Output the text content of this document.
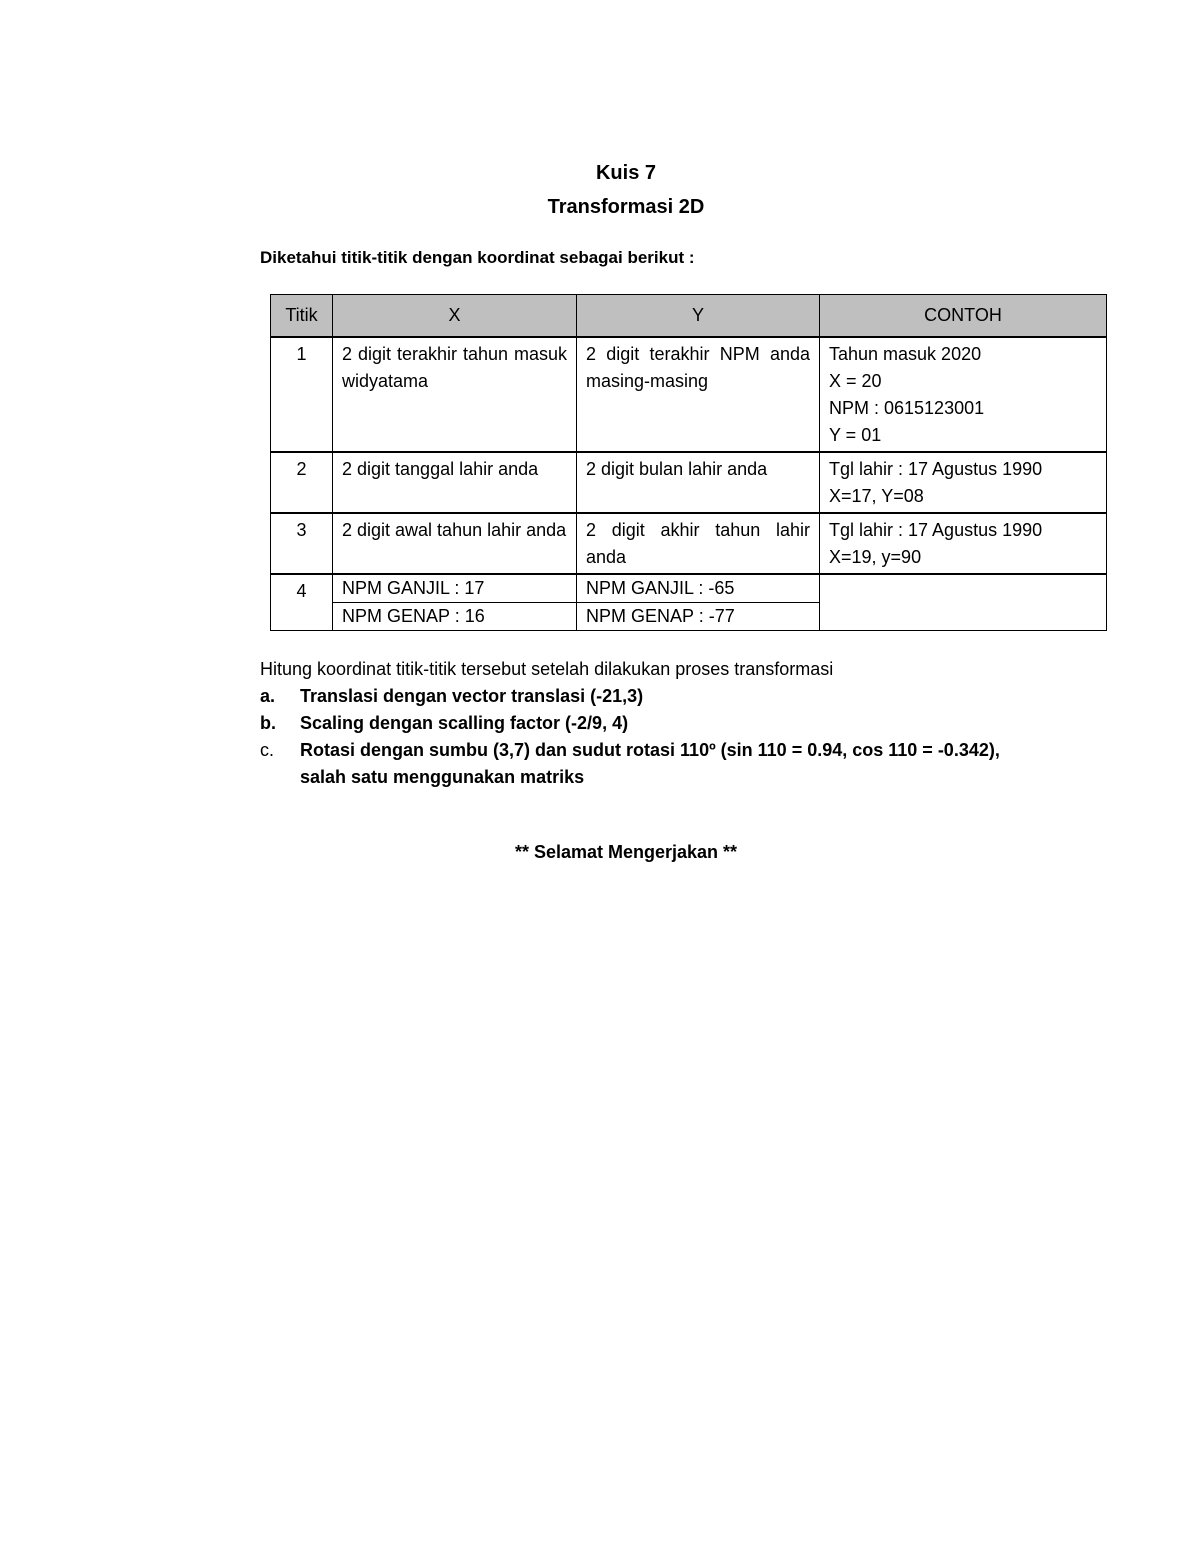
Kuis 7
Transformasi 2D
Diketahui titik-titik dengan koordinat sebagai berikut :
Titik	X	Y	CONTOH
1	2 digit terakhir tahun masuk widyatama	2 digit terakhir NPM anda masing-masing	Tahun masuk 2020
X = 20
NPM : 0615123001
Y = 01

2	2 digit tanggal lahir anda	2 digit bulan lahir anda	Tgl lahir : 17 Agustus 1990
X=17, Y=08

3	2 digit awal tahun lahir anda	2 digit akhir tahun lahir anda	Tgl lahir : 17 Agustus 1990
X=19, y=90

4	NPM GANJIL : 17	NPM GANJIL : -65	
	NPM GENAP : 16	NPM GENAP : -77	
Hitung koordinat titik-titik tersebut setelah dilakukan proses transformasi
a.	Translasi dengan vector translasi (-21,3)
b.	Scaling dengan scalling factor (-2/9, 4)
c.	Rotasi dengan sumbu (3,7) dan sudut rotasi 110º (sin 110 = 0.94, cos 110 = -0.342), salah satu menggunakan matriks
** Selamat Mengerjakan **
